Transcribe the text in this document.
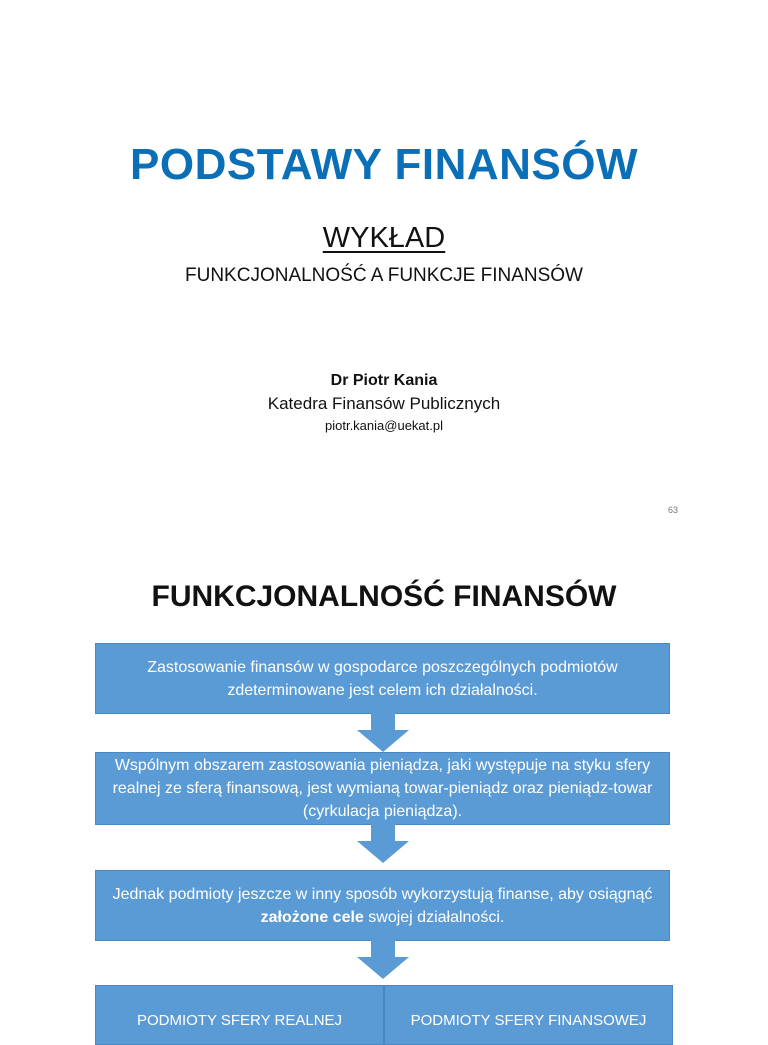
PODSTAWY FINANSÓW
WYKŁAD
FUNKCJONALNOŚĆ A FUNKCJE FINANSÓW
Dr Piotr Kania
Katedra Finansów Publicznych
piotr.kania@uekat.pl
63
FUNKCJONALNOŚĆ FINANSÓW
Zastosowanie finansów w gospodarce poszczególnych podmiotów zdeterminowane jest celem ich działalności.
Wspólnym obszarem zastosowania pieniądza, jaki występuje na styku sfery realnej ze sferą finansową, jest wymianą towar-pieniądz oraz pieniądz-towar (cyrkulacja pieniądza).
Jednak podmioty jeszcze w inny sposób wykorzystują finanse, aby osiągnąć założone cele swojej działalności.
PODMIOTY SFERY REALNEJ	PODMIOTY SFERY FINANSOWEJ
